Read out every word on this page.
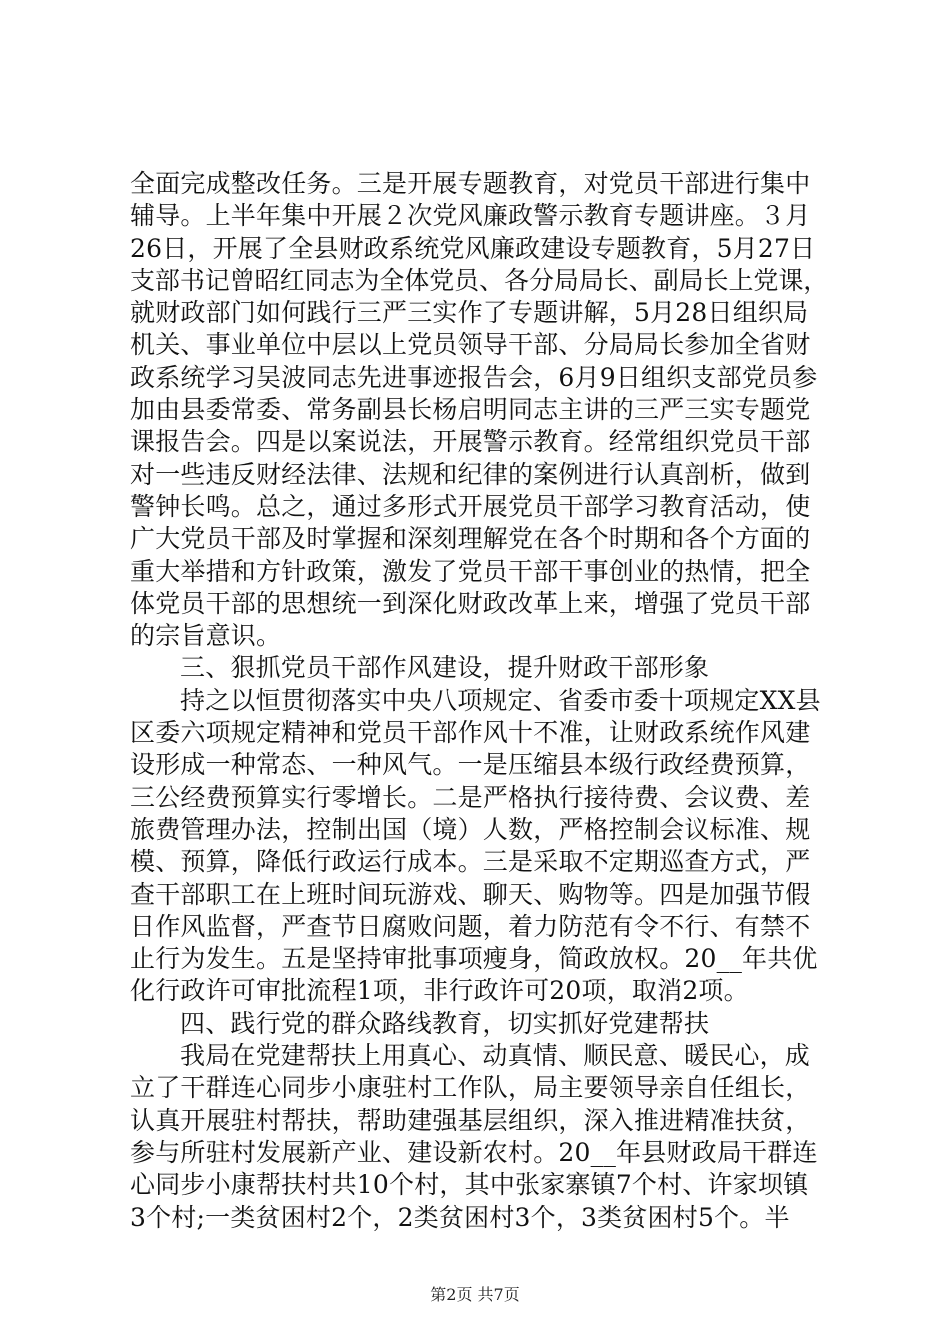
全面完成整改任务。三是开展专题教育，对党员干部进行集中
辅导。上半年集中开展２次党风廉政警示教育专题讲座。３月
26日，开展了全县财政系统党风廉政建设专题教育，5月27日
支部书记曾昭红同志为全体党员、各分局局长、副局长上党课，
就财政部门如何践行三严三实作了专题讲解，5月28日组织局
机关、事业单位中层以上党员领导干部、分局局长参加全省财
政系统学习吴波同志先进事迹报告会，6月9日组织支部党员参
加由县委常委、常务副县长杨启明同志主讲的三严三实专题党
课报告会。四是以案说法，开展警示教育。经常组织党员干部
对一些违反财经法律、法规和纪律的案例进行认真剖析，做到
警钟长鸣。总之，通过多形式开展党员干部学习教育活动，使
广大党员干部及时掌握和深刻理解党在各个时期和各个方面的
重大举措和方针政策，激发了党员干部干事创业的热情，把全
体党员干部的思想统一到深化财政改革上来，增强了党员干部
的宗旨意识。
三、狠抓党员干部作风建设，提升财政干部形象
持之以恒贯彻落实中央八项规定、省委市委十项规定XX县
区委六项规定精神和党员干部作风十不准，让财政系统作风建
设形成一种常态、一种风气。一是压缩县本级行政经费预算，
三公经费预算实行零增长。二是严格执行接待费、会议费、差
旅费管理办法，控制出国（境）人数，严格控制会议标准、规
模、预算，降低行政运行成本。三是采取不定期巡查方式，严
查干部职工在上班时间玩游戏、聊天、购物等。四是加强节假
日作风监督，严查节日腐败问题，着力防范有令不行、有禁不
止行为发生。五是坚持审批事项瘦身，简政放权。20__年共优
化行政许可审批流程1项，非行政许可20项，取消2项。
四、践行党的群众路线教育，切实抓好党建帮扶
我局在党建帮扶上用真心、动真情、顺民意、暖民心，成
立了干群连心同步小康驻村工作队，局主要领导亲自任组长，
认真开展驻村帮扶，帮助建强基层组织，深入推进精准扶贫，
参与所驻村发展新产业、建设新农村。20__年县财政局干群连
心同步小康帮扶村共10个村，其中张家寨镇7个村、许家坝镇
3个村;一类贫困村2个，2类贫困村3个，3类贫困村5个。半
第2页 共7页
